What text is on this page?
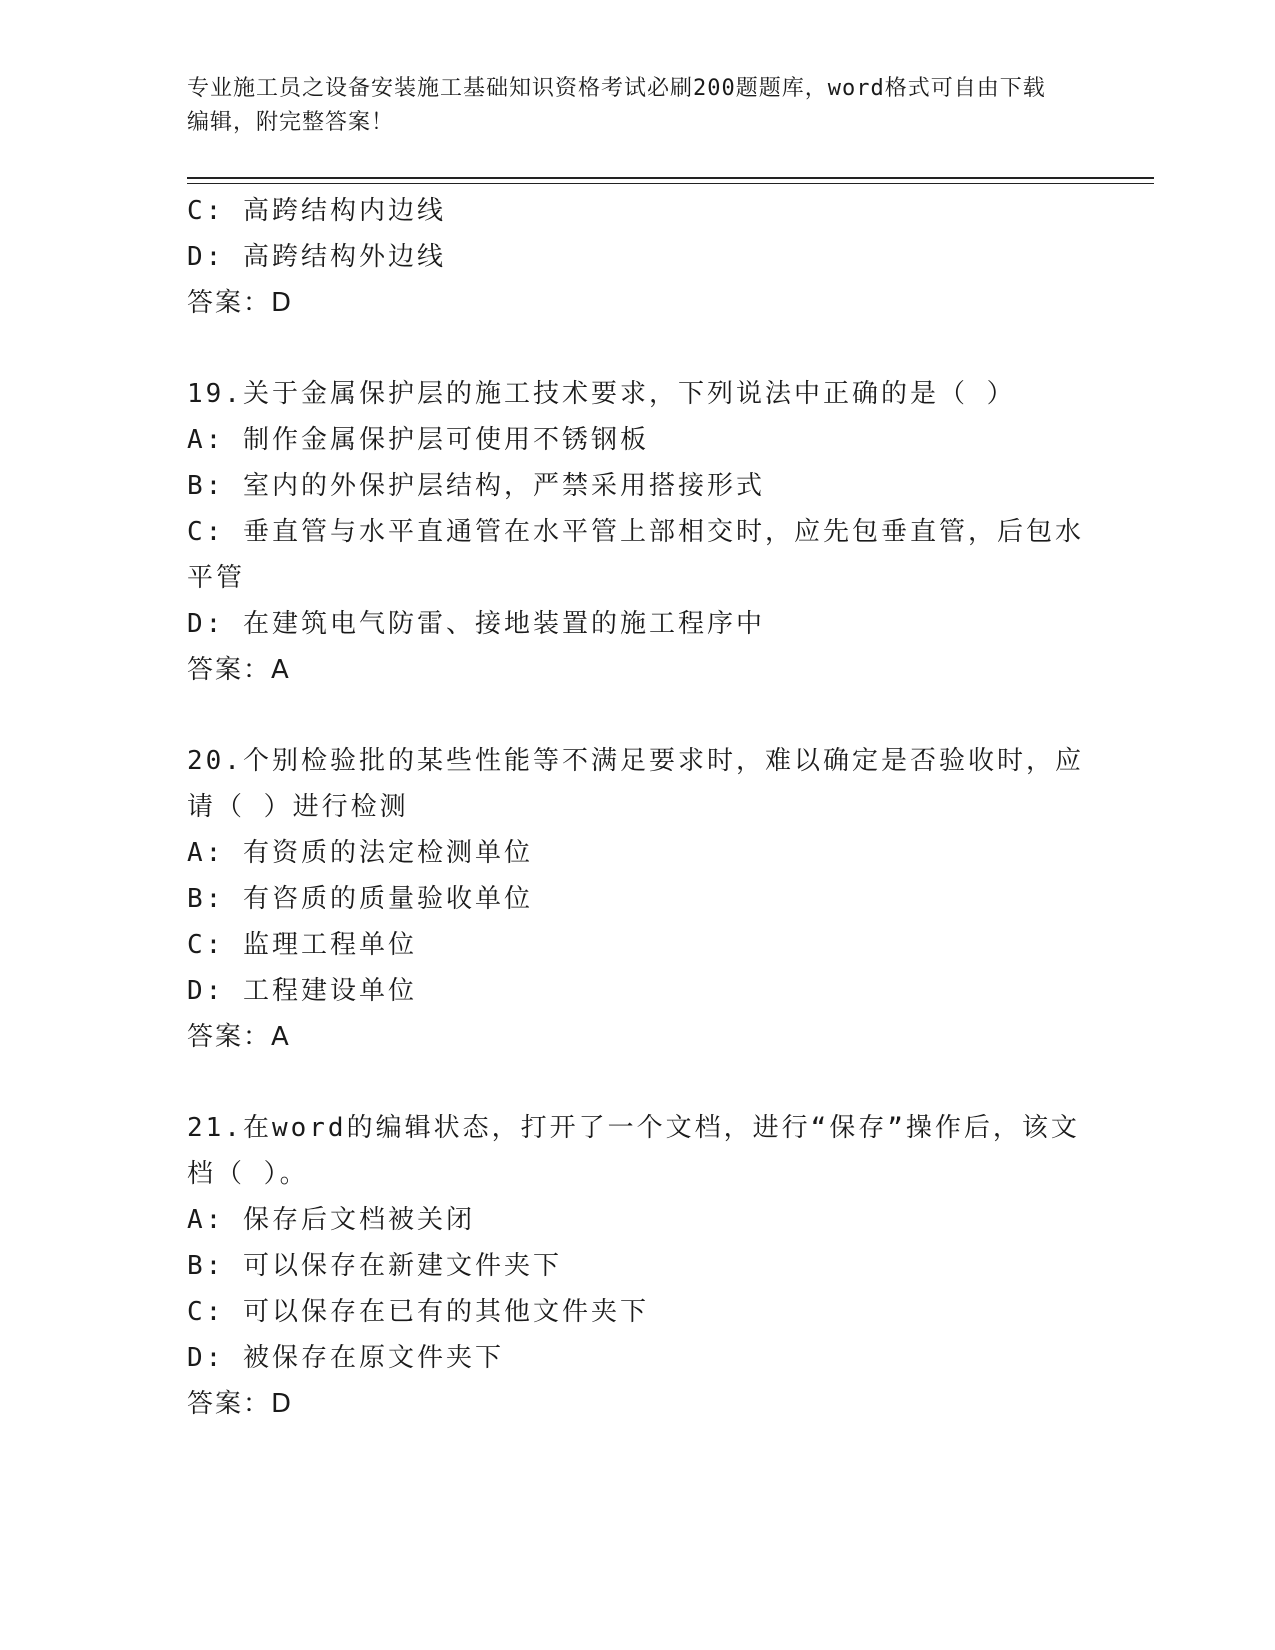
专业施工员之设备安装施工基础知识资格考试必刷200题题库，word格式可自由下载编辑，附完整答案！
C: 高跨结构内边线
D: 高跨结构外边线
答案：D
19.关于金属保护层的施工技术要求，下列说法中正确的是（ ）
A: 制作金属保护层可使用不锈钢板
B: 室内的外保护层结构，严禁采用搭接形式
C: 垂直管与水平直通管在水平管上部相交时，应先包垂直管，后包水平管
D: 在建筑电气防雷、接地装置的施工程序中
答案：A
20.个别检验批的某些性能等不满足要求时，难以确定是否验收时，应请（ ）进行检测
A: 有资质的法定检测单位
B: 有咨质的质量验收单位
C: 监理工程单位
D: 工程建设单位
答案：A
21.在word的编辑状态，打开了一个文档，进行“保存”操作后，该文档（ ）。
A: 保存后文档被关闭
B: 可以保存在新建文件夹下
C: 可以保存在已有的其他文件夹下
D: 被保存在原文件夹下
答案：D
